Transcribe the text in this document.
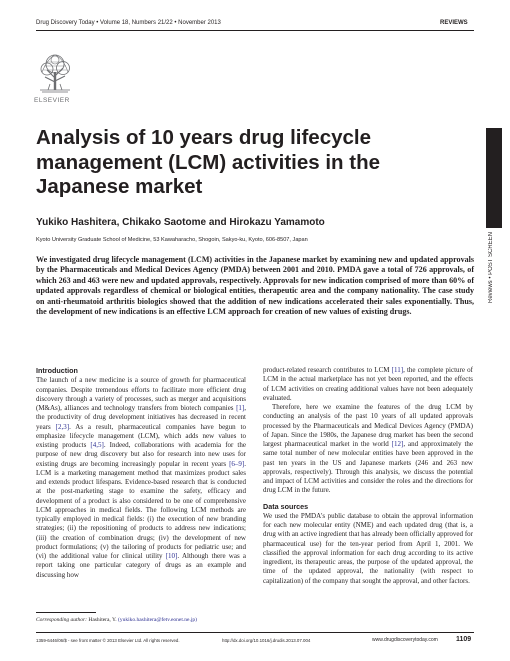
Drug Discovery Today • Volume 18, Numbers 21/22 • November 2013	REVIEWS
ELSEVIER
Reviews • POST SCREEN
Analysis of 10 years drug lifecycle management (LCM) activities in the Japanese market

Yukiko Hashitera, Chikako Saotome and Hirokazu Yamamoto

Kyoto University Graduate School of Medicine, 53 Kawaharacho, Shogoin, Sakyo-ku, Kyoto, 606-8507, Japan

We investigated drug lifecycle management (LCM) activities in the Japanese market by examining new and updated approvals by the Pharmaceuticals and Medical Devices Agency (PMDA) between 2001 and 2010. PMDA gave a total of 726 approvals, of which 263 and 463 were new and updated approvals, respectively. Approvals for new indication comprised of more than 60% of updated approvals regardless of chemical or biological entities, therapeutic area and the company nationality. The case study on anti-rheumatoid arthritis biologics showed that the addition of new indications accelerated their sales exponentially. Thus, the development of new indications is an effective LCM approach for creation of new values of existing drugs.

Introduction

The launch of a new medicine is a source of growth for pharmaceutical companies. Despite tremendous efforts to facilitate more efficient drug discovery through a variety of processes, such as merger and acquisitions (M&As), alliances and technology transfers from biotech companies [1], the productivity of drug development initiatives has decreased in recent years [2,3]. As a result, pharmaceutical companies have begun to emphasize lifecycle management (LCM), which adds new values to existing products [4,5]. Indeed, collaborations with academia for the purpose of new drug discovery but also for research into new uses for existing drugs are becoming increasingly popular in recent years [6–9]. LCM is a marketing management method that maximizes product sales and extends product lifespans. Evidence-based research that is conducted at the post-marketing stage to examine the safety, efficacy and development of a product is also considered to be one of comprehensive LCM approaches in medical fields. The following LCM methods are typically employed in medical fields: (i) the execution of new branding strategies; (ii) the repositioning of products to address new indications; (iii) the creation of combination drugs; (iv) the development of new product formulations; (v) the tailoring of products for pediatric use; and (vi) the additional value for clinical utility [10]. Although there was a report taking one particular category of drugs as an example and discussing how

product-related research contributes to LCM [11], the complete picture of LCM in the actual marketplace has not yet been reported, and the effects of LCM activities on creating additional values have not been adequately evaluated.

Therefore, here we examine the features of the drug LCM by conducting an analysis of the past 10 years of all updated approvals processed by the Pharmaceuticals and Medical Devices Agency (PMDA) of Japan. Since the 1980s, the Japanese drug market has been the second largest pharmaceutical market in the world [12], and approximately the same total number of new molecular entities have been approved in the past ten years in the US and Japanese markets (246 and 263 new approvals, respectively). Through this analysis, we discuss the potential and impact of LCM activities and consider the roles and the directions for drug LCM in the future.

Data sources

We used the PMDA's public database to obtain the approval information for each new molecular entity (NME) and each updated drug (that is, a drug with an active ingredient that has already been officially approved for pharmaceutical use) for the ten-year period from April 1, 2001. We classified the approval information for each drug according to its active ingredient, its therapeutic areas, the purpose of the updated approval, the time of the updated approval, the nationality (with respect to capitalization) of the company that sought the approval, and other factors.

Corresponding author: Hashitera, Y. (yukiko.hashitera@fetv.eonet.ne.jp)
1359-6446/06/$ - see front matter © 2013 Elsevier Ltd. All rights reserved.	http://dx.doi.org/10.1016/j.drudis.2013.07.004	www.drugdiscoverytoday.com	1109
